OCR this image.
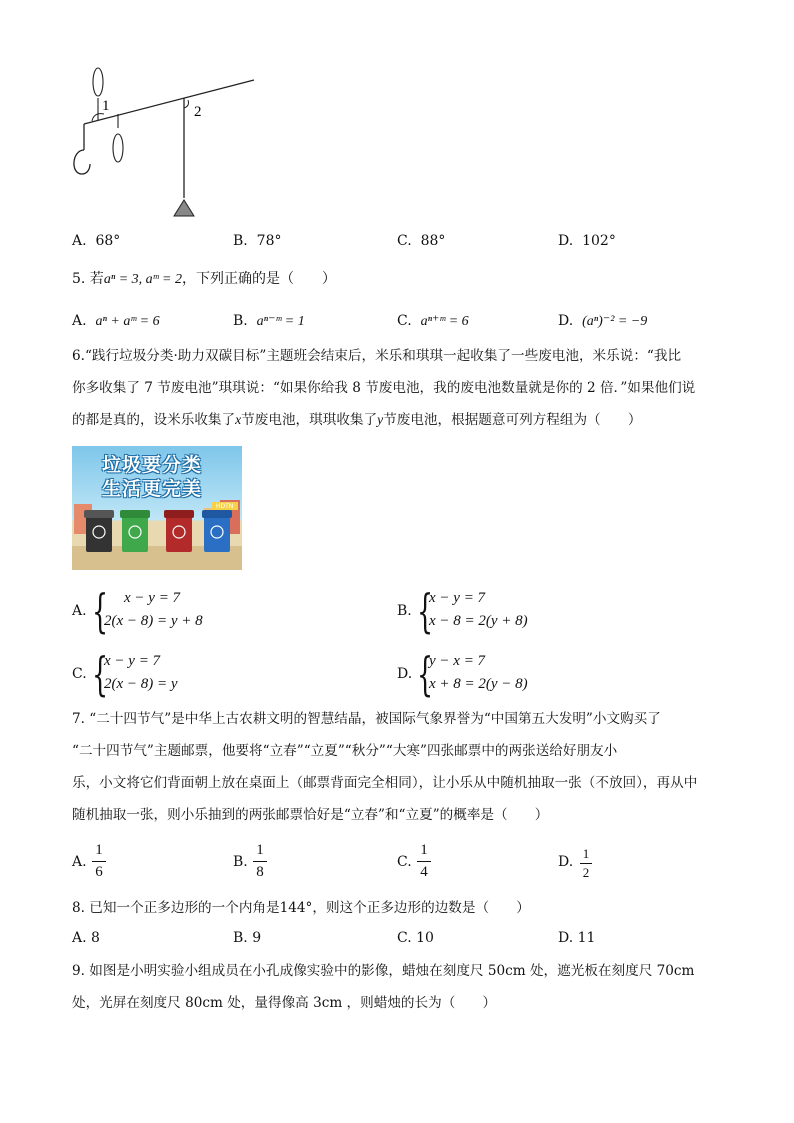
1	2
A. 68°	B. 78°	C. 88°	D. 102°
5. 若aⁿ = 3, aᵐ = 2，下列正确的是（　　）
A. aⁿ + aᵐ = 6	B. aⁿ⁻ᵐ = 1	C. aⁿ⁺ᵐ = 6	D. (aⁿ)⁻² = −9
6.“践行垃圾分类·助力双碳目标”主题班会结束后，米乐和琪琪一起收集了一些废电池，米乐说：“我比
你多收集了 7 节废电池”琪琪说：“如果你给我 8 节废电池，我的废电池数量就是你的 2 倍．”如果他们说
的都是真的，设米乐收集了x节废电池，琪琪收集了y节废电池，根据题意可列方程组为（　　）
HDTN
垃圾要分类
生活更完美
A. { x − y = 7
2(x − 8) = y + 8
B. {
x − y = 7
x − 8 = 2(y + 8)
C. {
x − y = 7
2(x − 8) = y
D. {
y − x = 7
x + 8 = 2(y − 8)
7. “二十四节气”是中华上古农耕文明的智慧结晶，被国际气象界誉为“中国第五大发明”小文购买了
“二十四节气”主题邮票，他要将“立春”“立夏”“秋分”“大寒”四张邮票中的两张送给好朋友小
乐，小文将它们背面朝上放在桌面上（邮票背面完全相同），让小乐从中随机抽取一张（不放回），再从中
随机抽取一张，则小乐抽到的两张邮票恰好是“立春”和“立夏”的概率是（　　）
A.
1
6
B.
1
8
C.
1
4
D.
1
2
8. 已知一个正多边形的一个内角是144°，则这个正多边形的边数是（　　）
A. 8	B. 9	C. 10	D. 11
9. 如图是小明实验小组成员在小孔成像实验中的影像，蜡烛在刻度尺 50cm 处，遮光板在刻度尺 70cm
处，光屏在刻度尺 80cm 处，量得像高 3cm ，则蜡烛的长为（　　）
